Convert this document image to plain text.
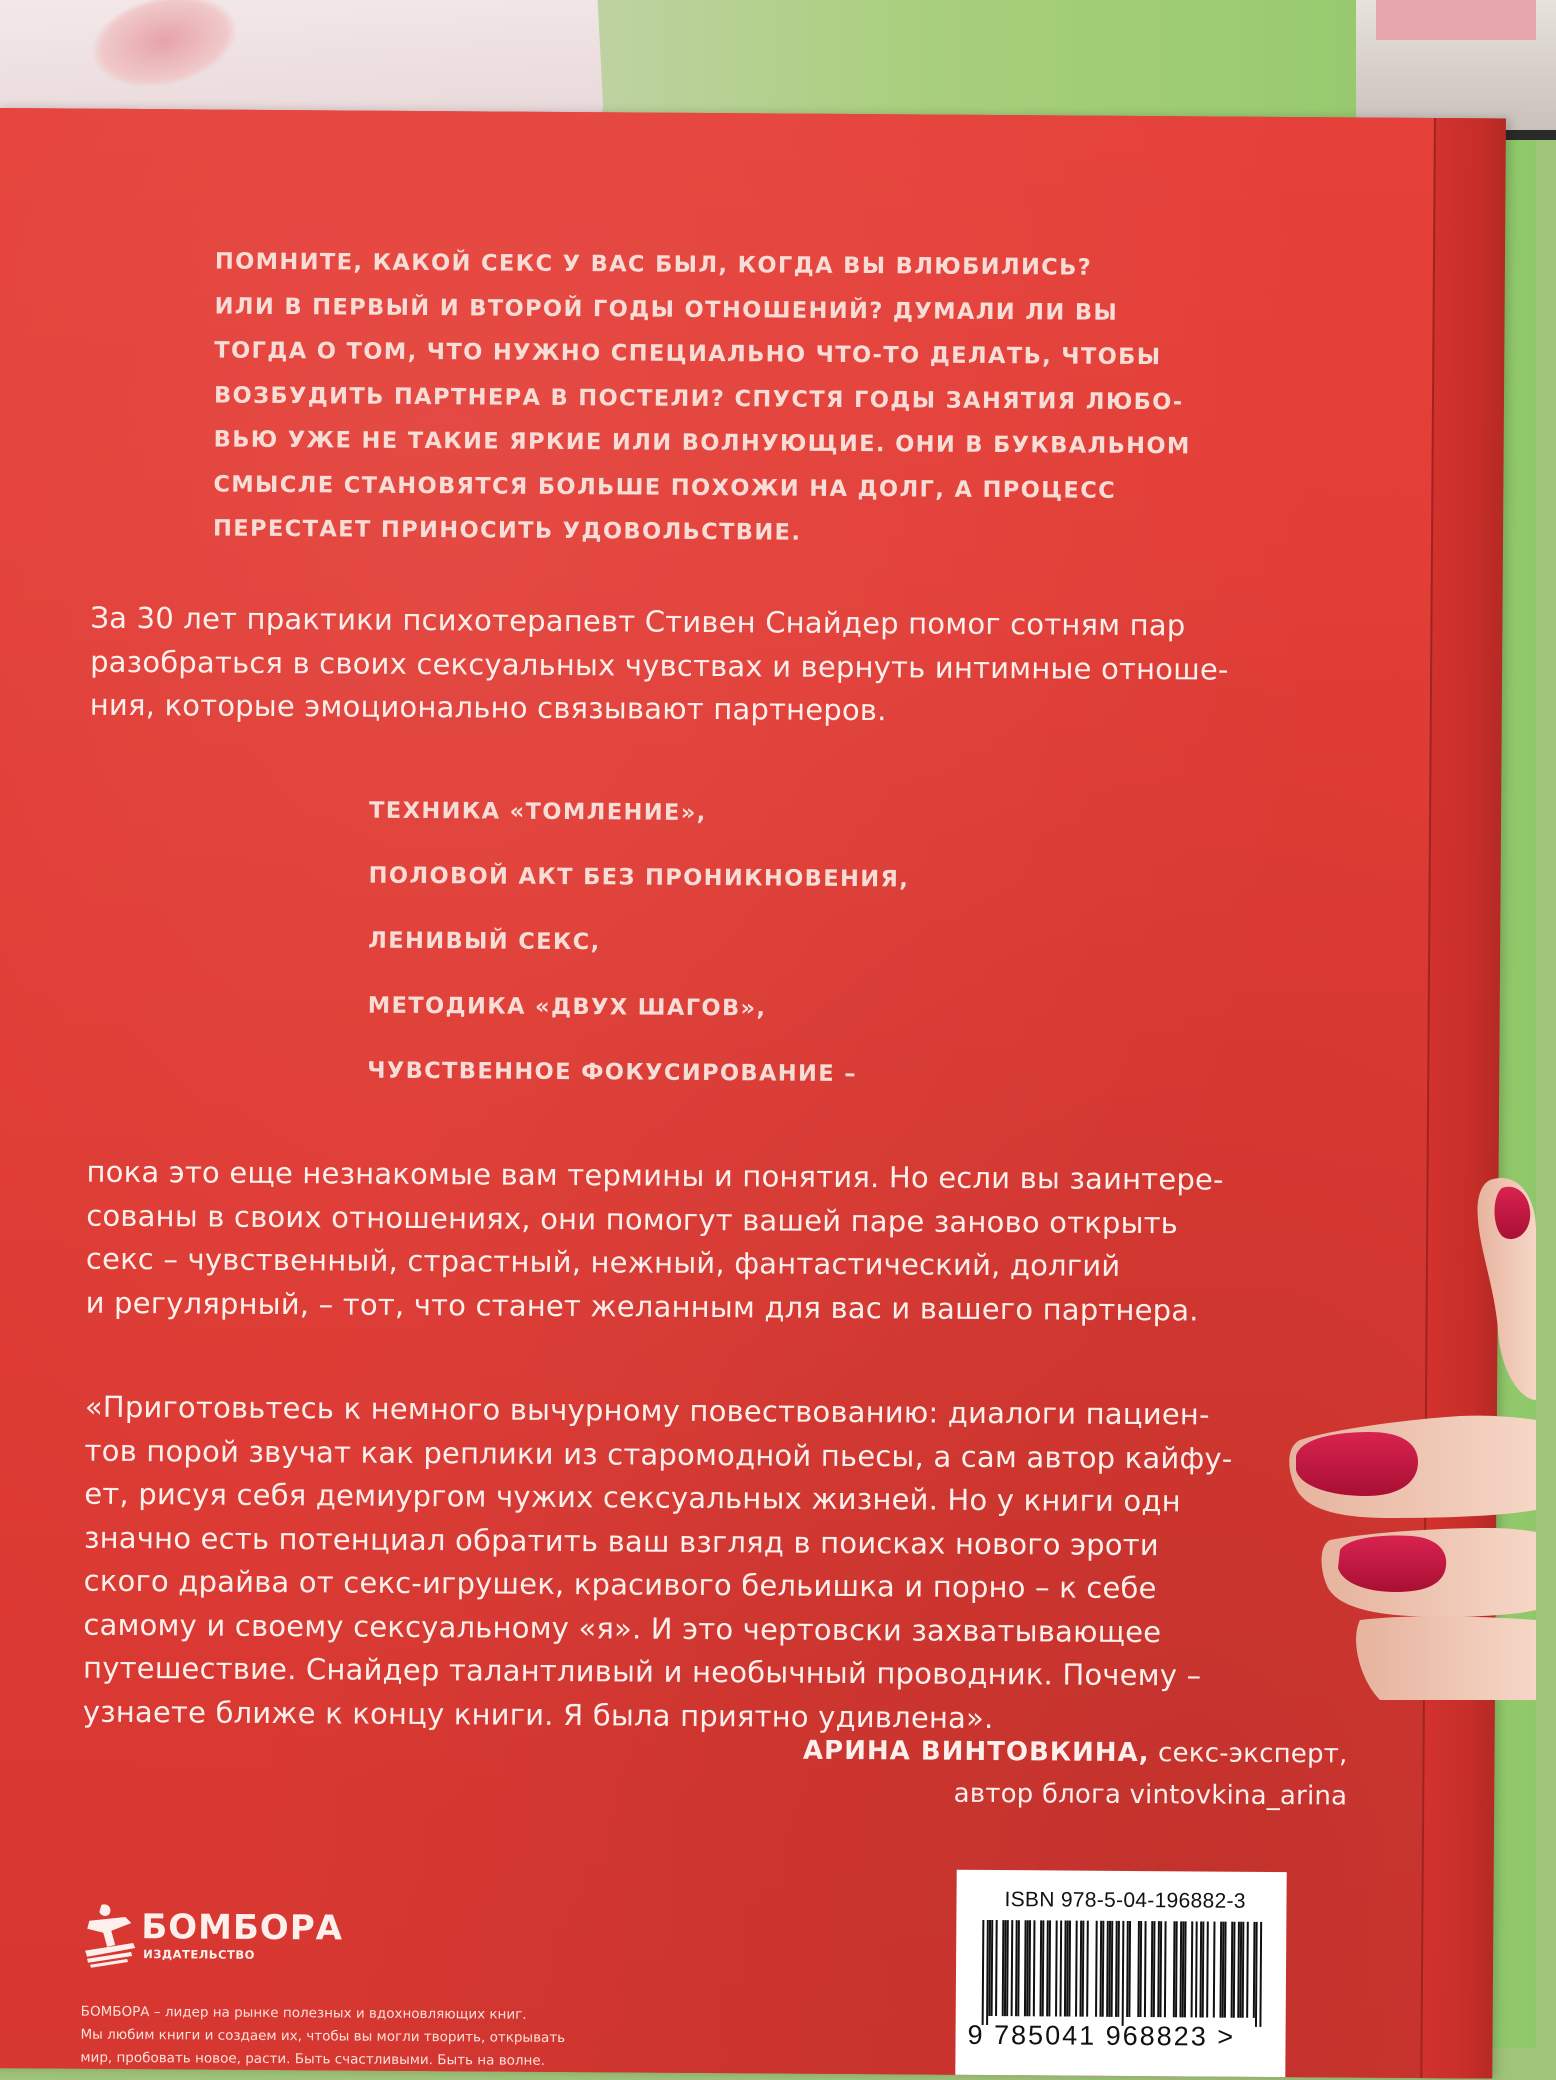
ПОМНИТЕ, КАКОЙ СЕКС У ВАС БЫЛ, КОГДА ВЫ ВЛЮБИЛИСЬ?
ИЛИ В ПЕРВЫЙ И ВТОРОЙ ГОДЫ ОТНОШЕНИЙ? ДУМАЛИ ЛИ ВЫ
ТОГДА О ТОМ, ЧТО НУЖНО СПЕЦИАЛЬНО ЧТО-ТО ДЕЛАТЬ, ЧТОБЫ
ВОЗБУДИТЬ ПАРТНЕРА В ПОСТЕЛИ? СПУСТЯ ГОДЫ ЗАНЯТИЯ ЛЮБО-
ВЬЮ УЖЕ НЕ ТАКИЕ ЯРКИЕ ИЛИ ВОЛНУЮЩИЕ. ОНИ В БУКВАЛЬНОМ
СМЫСЛЕ СТАНОВЯТСЯ БОЛЬШЕ ПОХОЖИ НА ДОЛГ, А ПРОЦЕСС
ПЕРЕСТАЕТ ПРИНОСИТЬ УДОВОЛЬСТВИЕ.
За 30 лет практики психотерапевт Стивен Снайдер помог сотням пар
разобраться в своих сексуальных чувствах и вернуть интимные отноше-
ния, которые эмоционально связывают партнеров.
ТЕХНИКА «ТОМЛЕНИЕ»,
ПОЛОВОЙ АКТ БЕЗ ПРОНИКНОВЕНИЯ,
ЛЕНИВЫЙ СЕКС,
МЕТОДИКА «ДВУХ ШАГОВ»,
ЧУВСТВЕННОЕ ФОКУСИРОВАНИЕ –
пока это еще незнакомые вам термины и понятия. Но если вы заинтере-
сованы в своих отношениях, они помогут вашей паре заново открыть
секс – чувственный, страстный, нежный, фантастический, долгий
и регулярный, – тот, что станет желанным для вас и вашего партнера.
«Приготовьтесь к немного вычурному повествованию: диалоги пациен-
тов порой звучат как реплики из старомодной пьесы, а сам автор кайфу-
ет, рисуя себя демиургом чужих сексуальных жизней. Но у книги одн
значно есть потенциал обратить ваш взгляд в поисках нового эроти
ского драйва от секс-игрушек, красивого бельишка и порно – к себе
самому и своему сексуальному «я». И это чертовски захватывающее
путешествие. Снайдер талантливый и необычный проводник. Почему –
узнаете ближе к концу книги. Я была приятно удивлена».
АРИНА ВИНТОВКИНА, секс-эксперт,
автор блога vintovkina_arina
БОМБОРА
ИЗДАТЕЛЬСТВО
БОМБОРА – лидер на рынке полезных и вдохновляющих книг.
Мы любим книги и создаем их, чтобы вы могли творить, открывать
мир, пробовать новое, расти. Быть счастливыми. Быть на волне.
ISBN 978-5-04-196882-3
9 785041 968823 >
